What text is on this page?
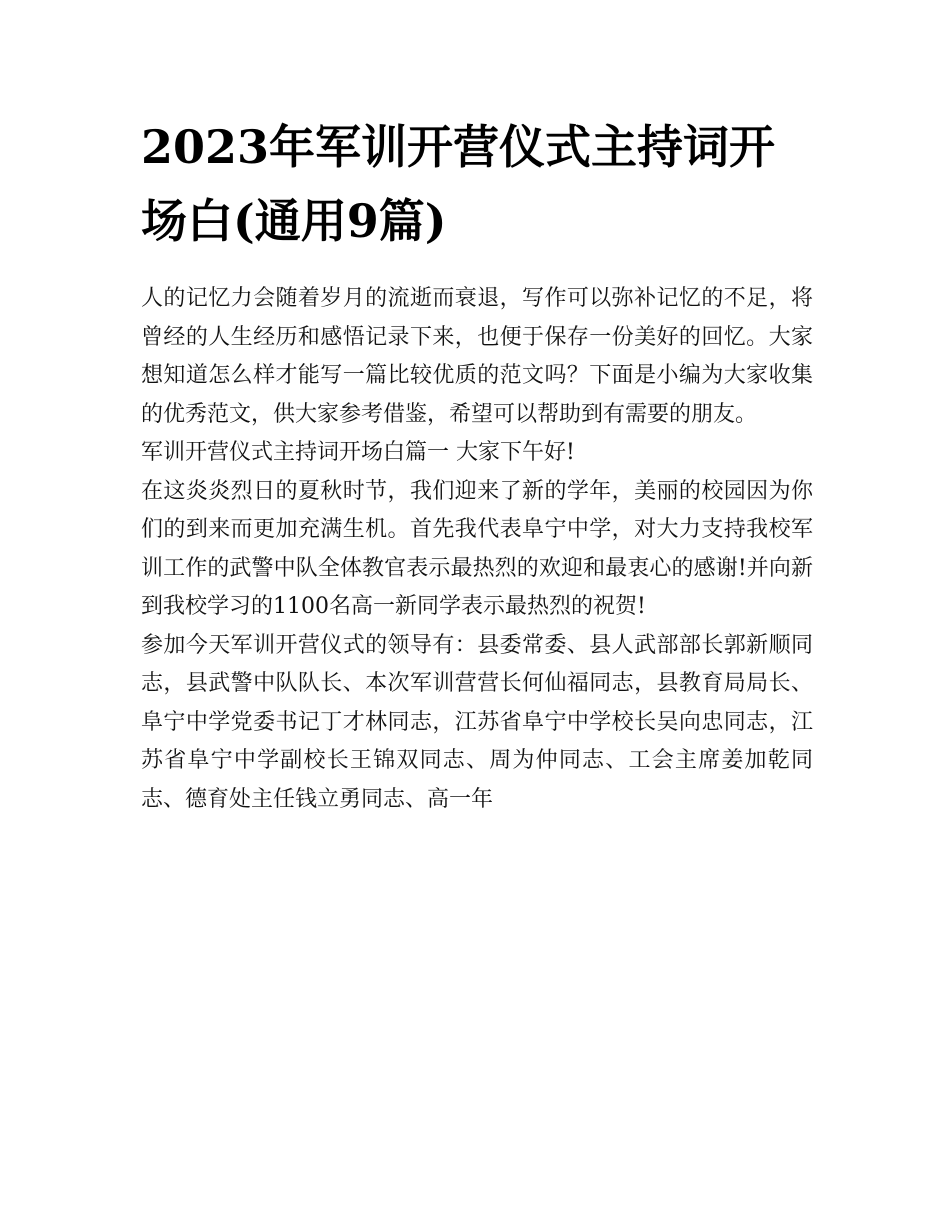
2023年军训开营仪式主持词开场白(通用9篇)

人的记忆力会随着岁月的流逝而衰退，写作可以弥补记忆的不足，将曾经的人生经历和感悟记录下来，也便于保存一份美好的回忆。大家想知道怎么样才能写一篇比较优质的范文吗？下面是小编为大家收集的优秀范文，供大家参考借鉴，希望可以帮助到有需要的朋友。

军训开营仪式主持词开场白篇一 大家下午好!

在这炎炎烈日的夏秋时节，我们迎来了新的学年，美丽的校园因为你们的到来而更加充满生机。首先我代表阜宁中学，对大力支持我校军训工作的武警中队全体教官表示最热烈的欢迎和最衷心的感谢!并向新到我校学习的1100名高一新同学表示最热烈的祝贺!

参加今天军训开营仪式的领导有：县委常委、县人武部部长郭新顺同志，县武警中队队长、本次军训营营长何仙福同志，县教育局局长、阜宁中学党委书记丁才林同志，江苏省阜宁中学校长吴向忠同志，江苏省阜宁中学副校长王锦双同志、周为仲同志、工会主席姜加乾同志、德育处主任钱立勇同志、高一年
